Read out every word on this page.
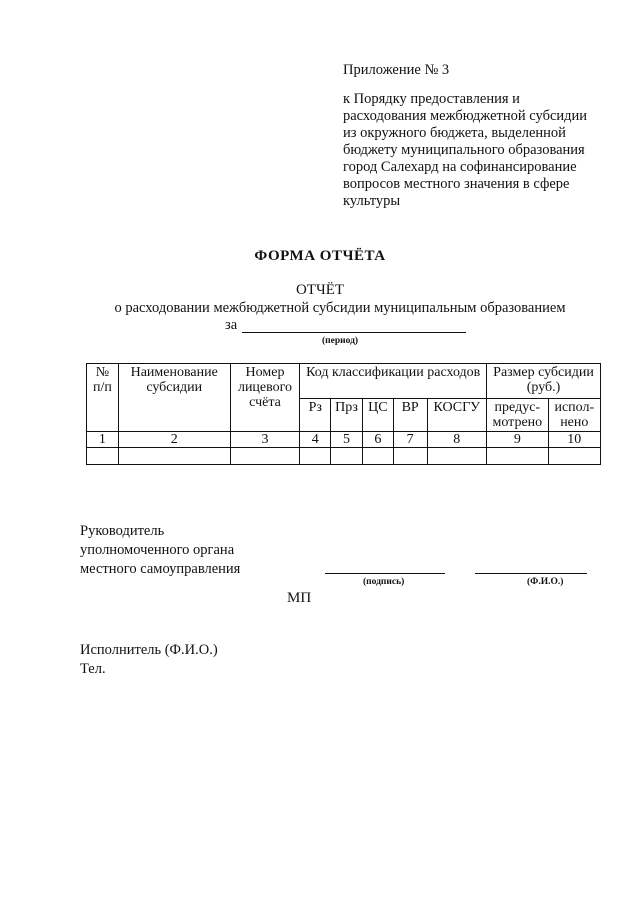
Приложение № 3
к Порядку предоставления и
расходования межбюджетной субсидии
из окружного бюджета, выделенной
бюджету муниципального образования
город Салехард на софинансирование
вопросов местного значения в сфере
культуры
ФОРМА ОТЧЁТА
ОТЧЁТ
о расходовании межбюджетной субсидии муниципальным образованием
за
(период)
№ п/п	Наименование субсидии	Номер лицевого счёта	Код классификации расходов					Размер субсидии (руб.)	
			Рз	Прз	ЦС	ВР	КОСГУ	предус-мотрено	испол-нено
1	2	3	4	5	6	7	8	9	10

Руководитель
уполномоченного органа
местного самоуправления
(подпись)	(Ф.И.О.)
МП
Исполнитель (Ф.И.О.)
Тел.
